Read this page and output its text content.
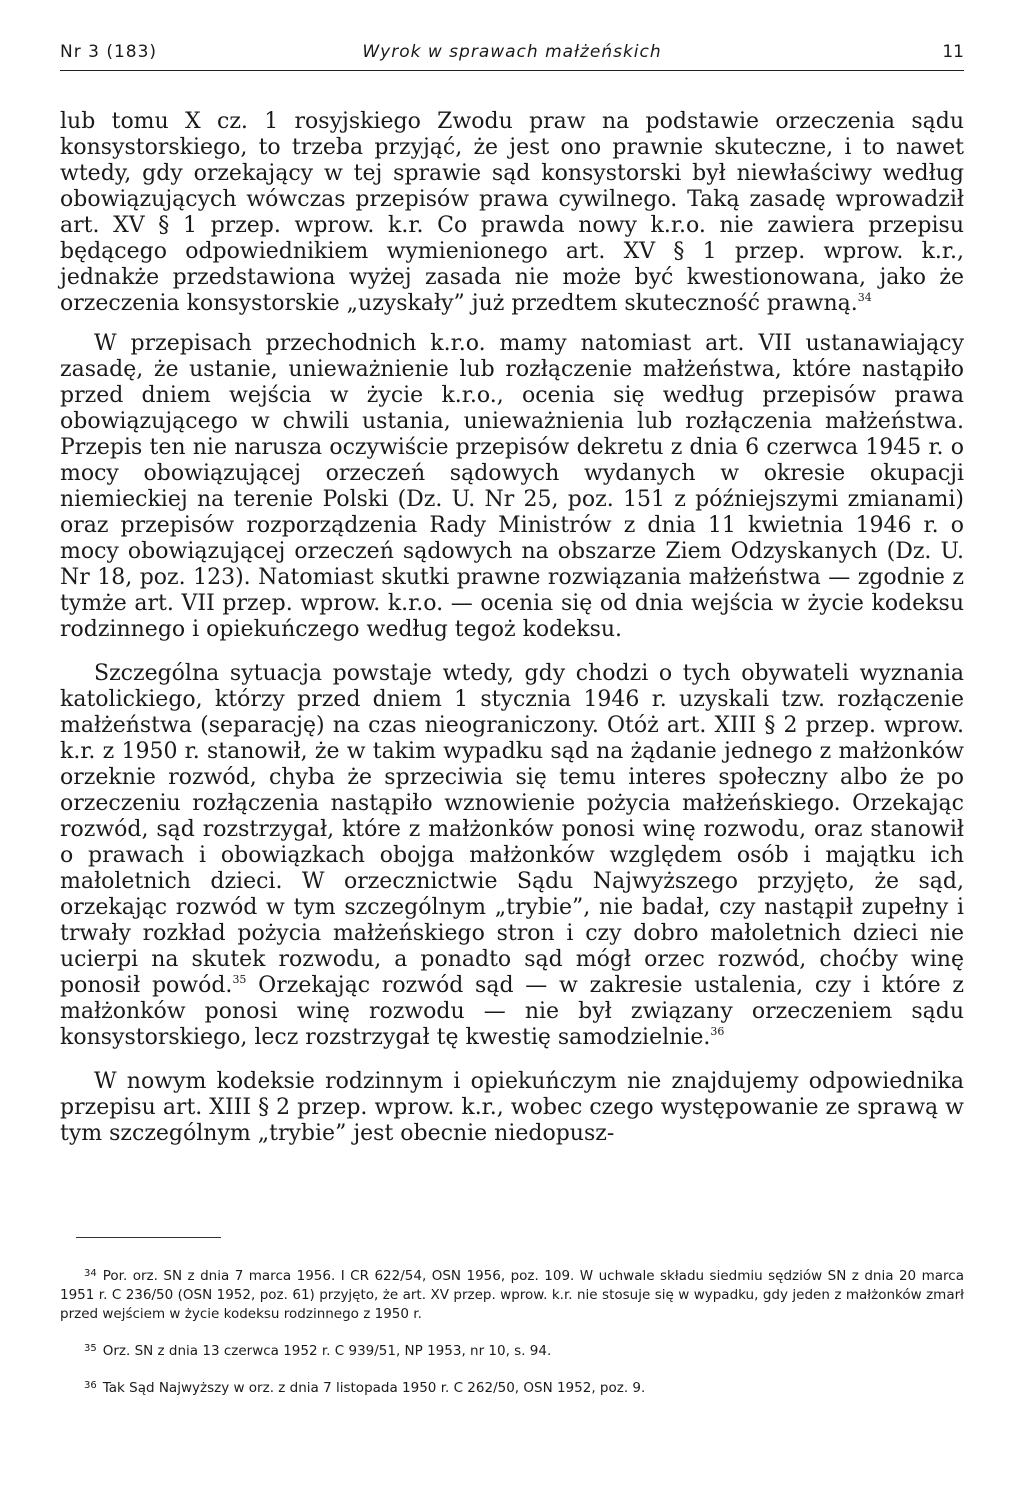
Nr 3 (183)	Wyrok w sprawach małżeńskich	11

lub tomu X cz. 1 rosyjskiego Zwodu praw na podstawie orzeczenia sądu konsystorskiego, to trzeba przyjąć, że jest ono prawnie skuteczne, i to nawet wtedy, gdy orzekający w tej sprawie sąd konsystorski był niewłaściwy według obowiązujących wówczas przepisów prawa cywilnego. Taką zasadę wprowadził art. XV § 1 przep. wprow. k.r. Co prawda nowy k.r.o. nie zawiera przepisu będącego odpowiednikiem wymienionego art. XV § 1 przep. wprow. k.r., jednakże przedstawiona wyżej zasada nie może być kwestionowana, jako że orzeczenia konsystorskie „uzyskały” już przedtem skuteczność prawną.$^{34}$

W przepisach przechodnich k.r.o. mamy natomiast art. VII ustanawiający zasadę, że ustanie, unieważnienie lub rozłączenie małżeństwa, które nastąpiło przed dniem wejścia w życie k.r.o., ocenia się według przepisów prawa obowiązującego w chwili ustania, unieważnienia lub rozłączenia małżeństwa. Przepis ten nie narusza oczywiście przepisów dekretu z dnia 6 czerwca 1945 r. o mocy obowiązującej orzeczeń sądowych wydanych w okresie okupacji niemieckiej na terenie Polski (Dz. U. Nr 25, poz. 151 z późniejszymi zmianami) oraz przepisów rozporządzenia Rady Ministrów z dnia 11 kwietnia 1946 r. o mocy obowiązującej orzeczeń sądowych na obszarze Ziem Odzyskanych (Dz. U. Nr 18, poz. 123). Natomiast skutki prawne rozwiązania małżeństwa — zgodnie z tymże art. VII przep. wprow. k.r.o. — ocenia się od dnia wejścia w życie kodeksu rodzinnego i opiekuńczego według tegoż kodeksu.

Szczególna sytuacja powstaje wtedy, gdy chodzi o tych obywateli wyznania katolickiego, którzy przed dniem 1 stycznia 1946 r. uzyskali tzw. rozłączenie małżeństwa (separację) na czas nieograniczony. Otóż art. XIII § 2 przep. wprow. k.r. z 1950 r. stanowił, że w takim wypadku sąd na żądanie jednego z małżonków orzeknie rozwód, chyba że sprzeciwia się temu interes społeczny albo że po orzeczeniu rozłączenia nastąpiło wznowienie pożycia małżeńskiego. Orzekając rozwód, sąd rozstrzygał, które z małżonków ponosi winę rozwodu, oraz stanowił o prawach i obowiązkach obojga małżonków względem osób i majątku ich małoletnich dzieci. W orzecznictwie Sądu Najwyższego przyjęto, że sąd, orzekając rozwód w tym szczególnym „trybie”, nie badał, czy nastąpił zupełny i trwały rozkład pożycia małżeńskiego stron i czy dobro małoletnich dzieci nie ucierpi na skutek rozwodu, a ponadto sąd mógł orzec rozwód, choćby winę ponosił powód.$^{35}$ Orzekając rozwód sąd — w zakresie ustalenia, czy i które z małżonków ponosi winę rozwodu — nie był związany orzeczeniem sądu konsystorskiego, lecz rozstrzygał tę kwestię samodzielnie.$^{36}$

W nowym kodeksie rodzinnym i opiekuńczym nie znajdujemy odpowiednika przepisu art. XIII § 2 przep. wprow. k.r., wobec czego występowanie ze sprawą w tym szczególnym „trybie” jest obecnie niedopusz-

$^{34}$ Por. orz. SN z dnia 7 marca 1956. I CR 622/54, OSN 1956, poz. 109. W uchwale składu siedmiu sędziów SN z dnia 20 marca 1951 r. C 236/50 (OSN 1952, poz. 61) przyjęto, że art. XV przep. wprow. k.r. nie stosuje się w wypadku, gdy jeden z małżonków zmarł przed wejściem w życie kodeksu rodzinnego z 1950 r.

$^{35}$ Orz. SN z dnia 13 czerwca 1952 r. C 939/51, NP 1953, nr 10, s. 94.

$^{36}$ Tak Sąd Najwyższy w orz. z dnia 7 listopada 1950 r. C 262/50, OSN 1952, poz. 9.
